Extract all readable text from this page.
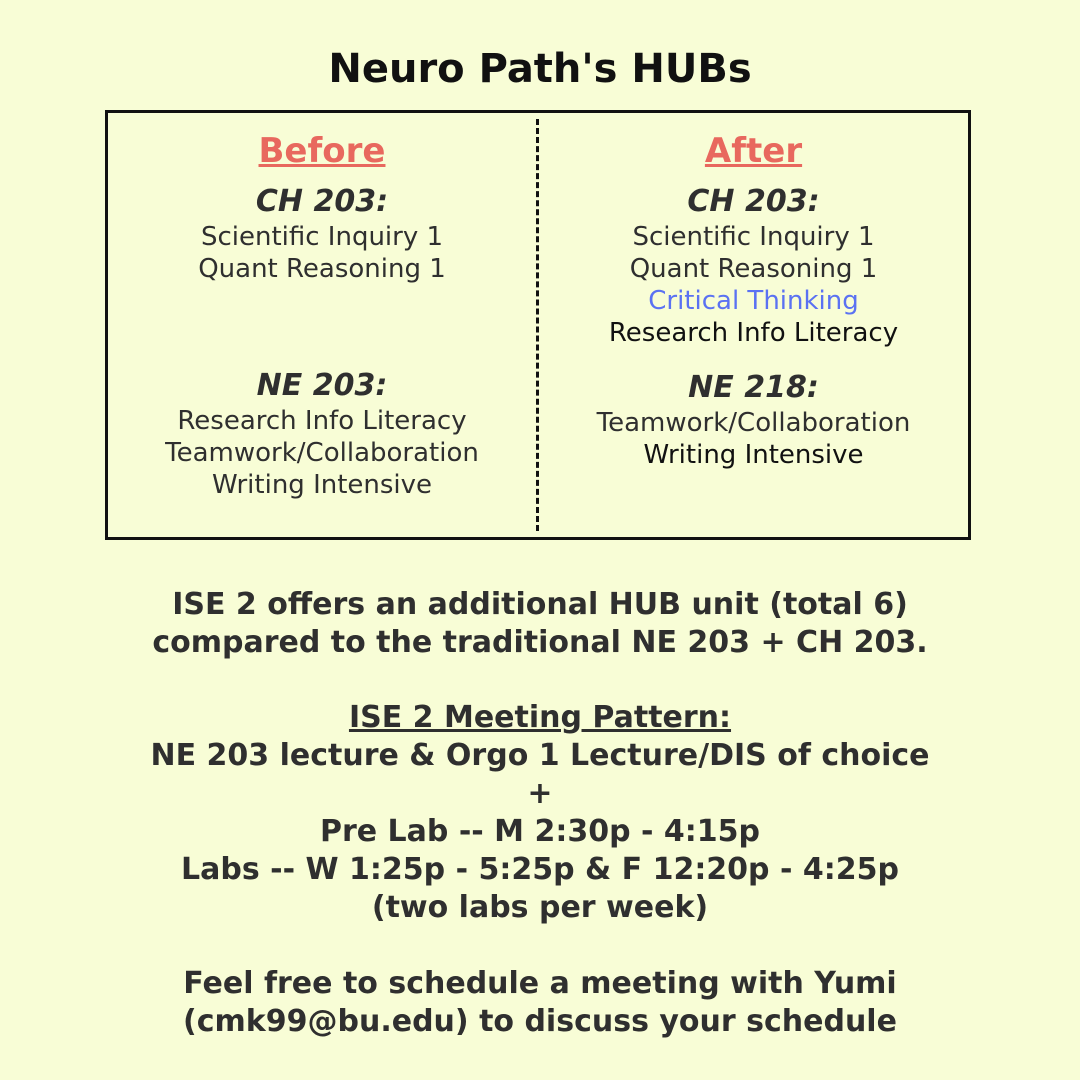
Neuro Path's HUBs
Before
CH 203:
Scientific Inquiry 1
Quant Reasoning 1
NE 203:
Research Info Literacy
Teamwork/Collaboration
Writing Intensive
After
CH 203:
Scientific Inquiry 1
Quant Reasoning 1
Critical Thinking
Research Info Literacy
NE 218:
Teamwork/Collaboration
Writing Intensive
ISE 2 offers an additional HUB unit (total 6)
compared to the traditional NE 203 + CH 203.
ISE 2 Meeting Pattern:
NE 203 lecture & Orgo 1 Lecture/DIS of choice
+
Pre Lab -- M 2:30p - 4:15p
Labs -- W 1:25p - 5:25p & F 12:20p - 4:25p
(two labs per week)
Feel free to schedule a meeting with Yumi
(cmk99@bu.edu) to discuss your schedule
